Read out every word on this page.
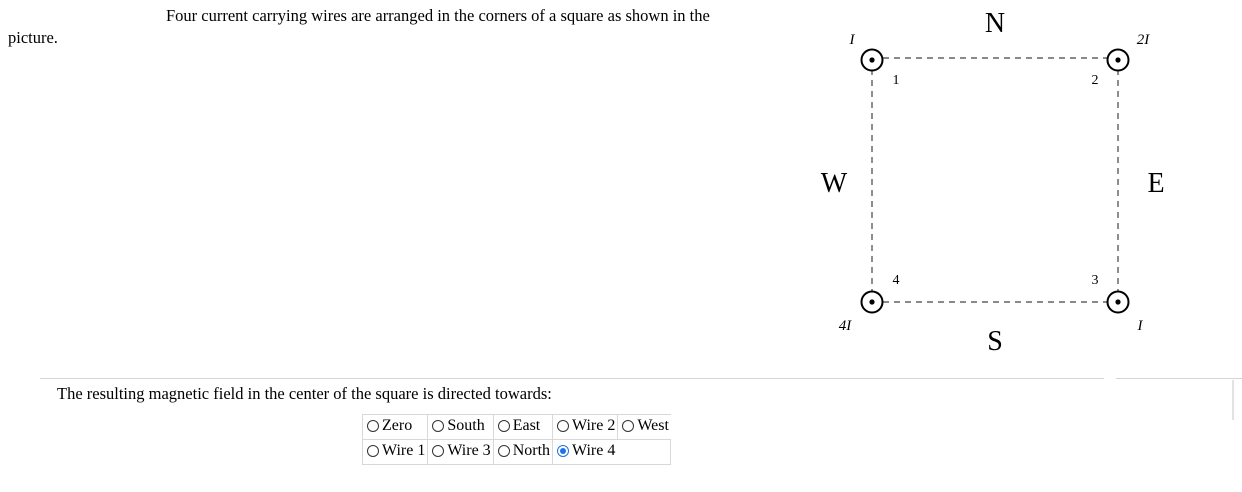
Four current carrying wires are arranged in the corners of a square as shown in the
picture.	N
S
W	E
1	2
3
4
I	2I
I
4I
The resulting magnetic field in the center of the square is directed towards:
Zero	South	East	Wire 2	West

Wire 1	Wire 3	North	Wire 4	
